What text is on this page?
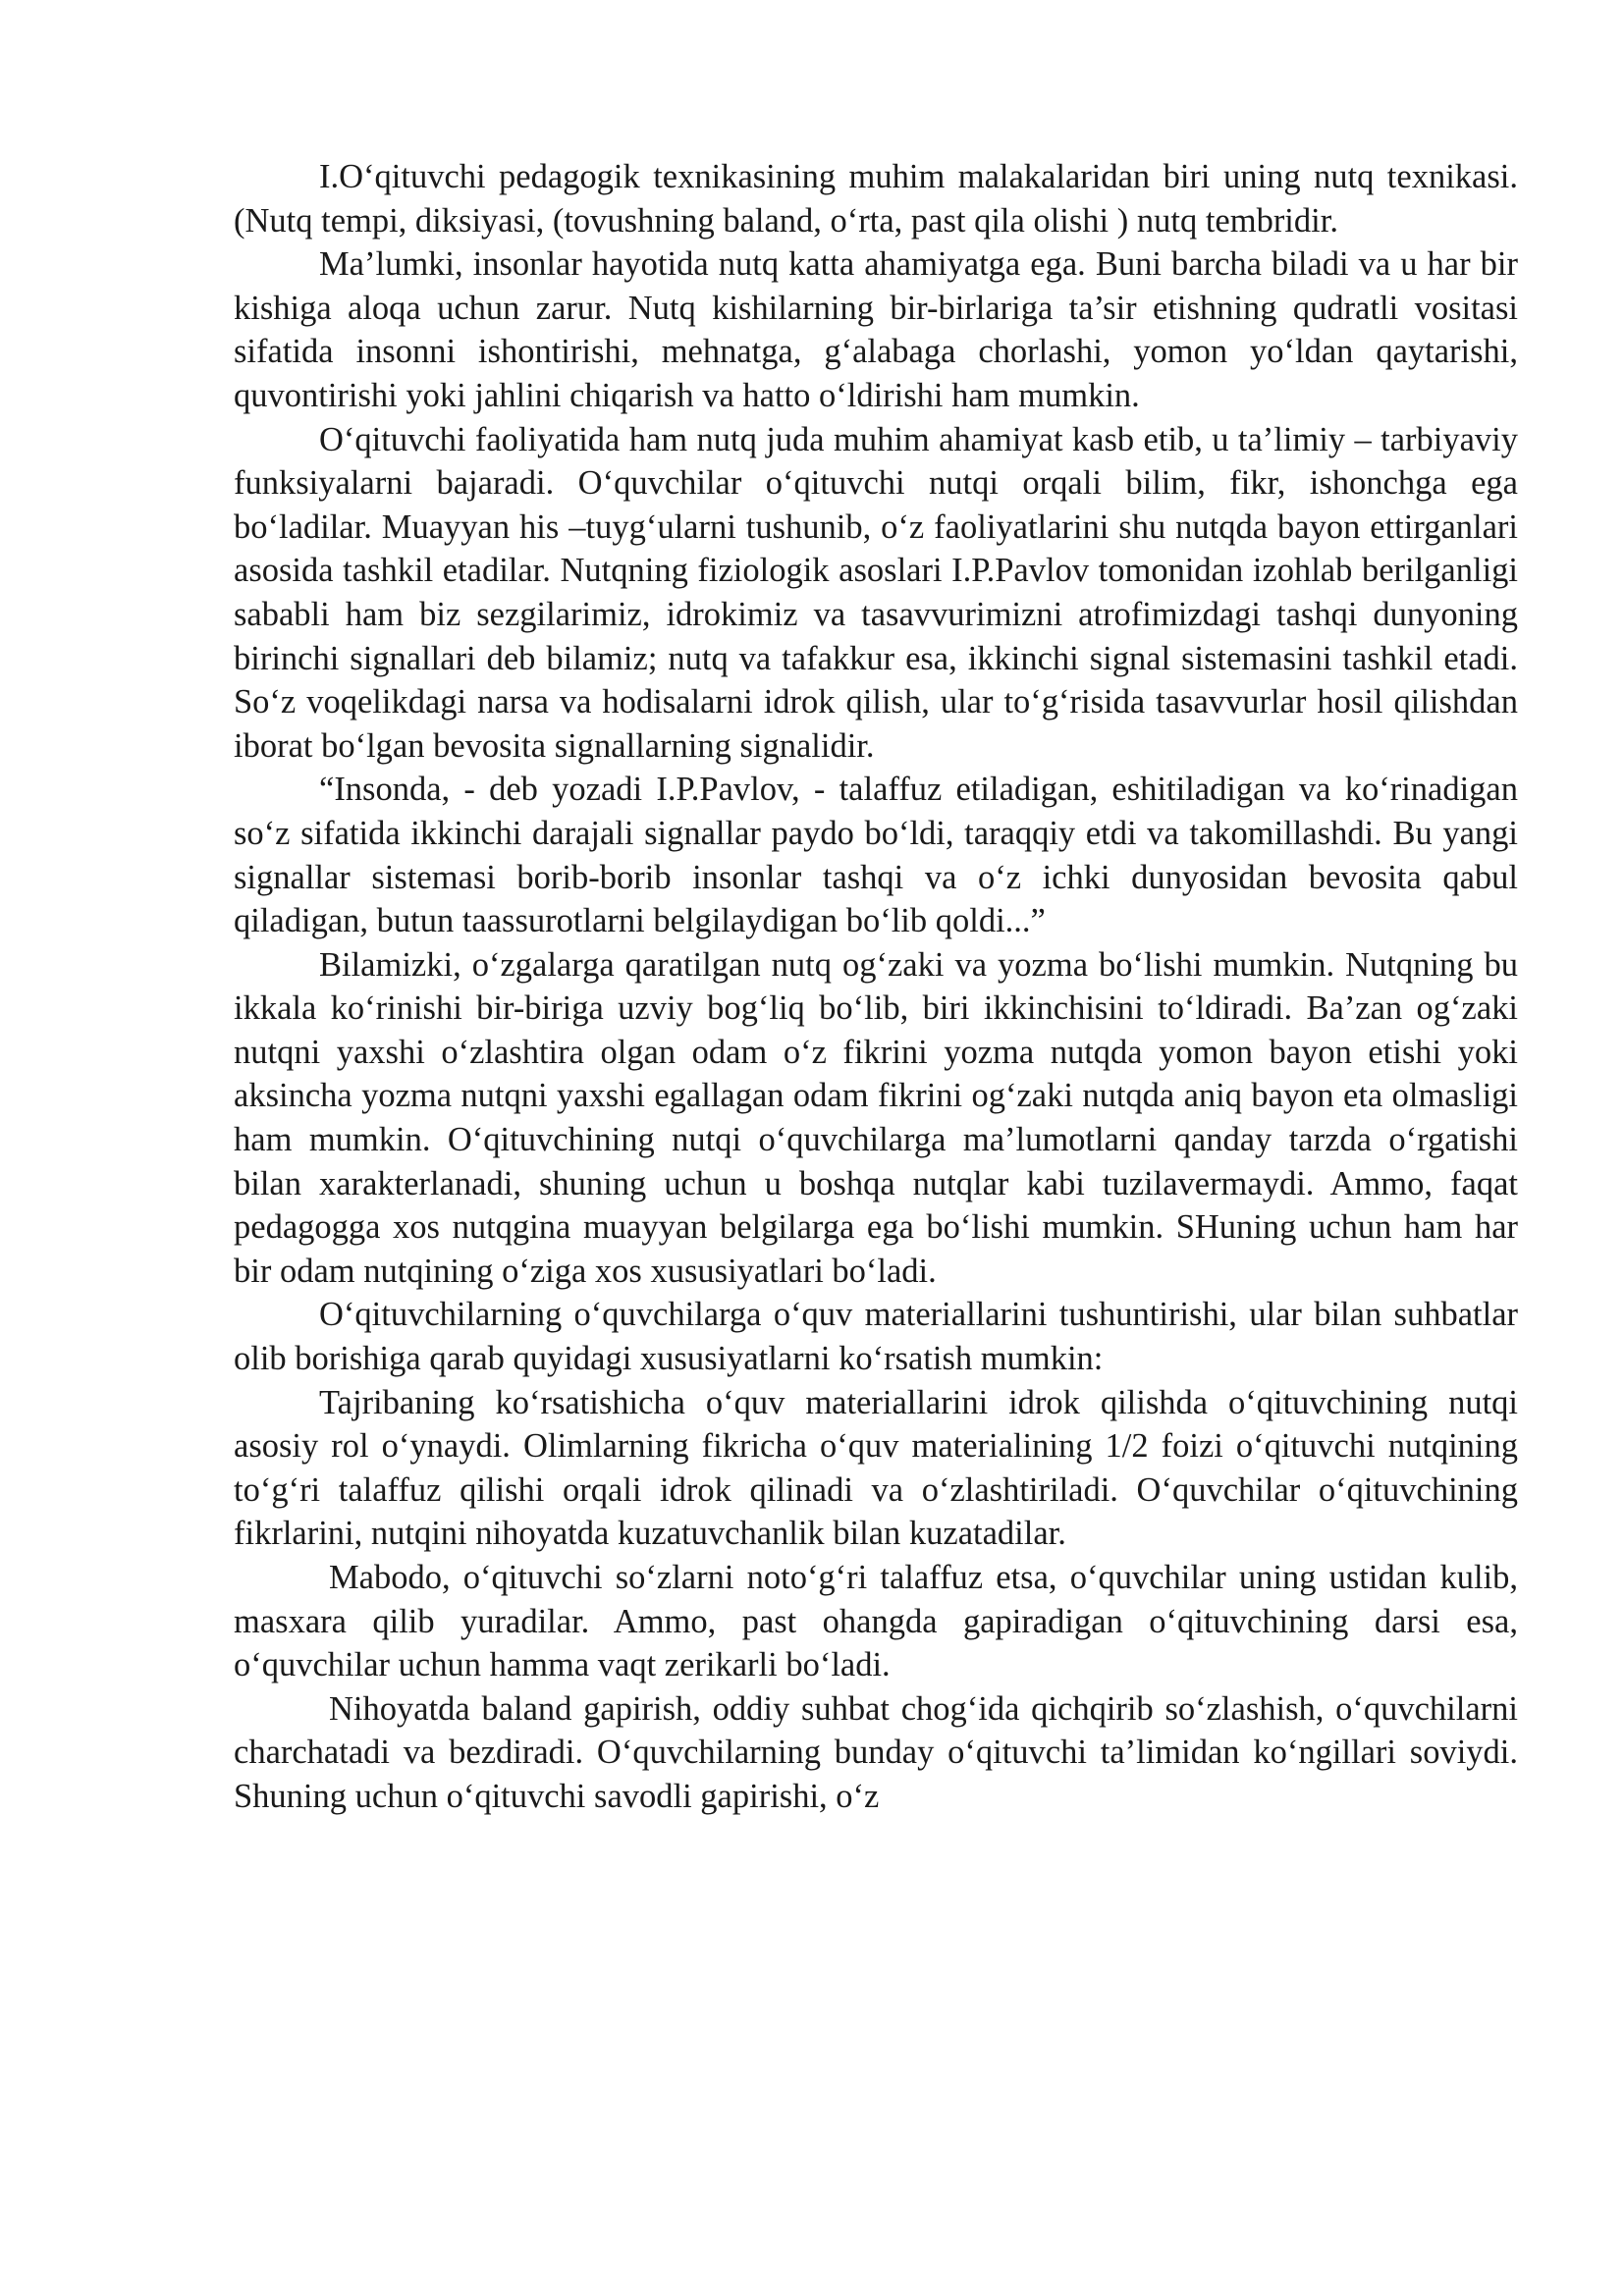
I.O‘qituvchi pedagogik texnikasining muhim malakalaridan biri uning nutq texnikasi. (Nutq tempi, diksiyasi, (tovushning baland, o‘rta, past qila olishi ) nutq tembridir.

Ma’lumki, insonlar hayotida nutq katta ahamiyatga ega. Buni barcha biladi va u har bir kishiga aloqa uchun zarur. Nutq kishilarning bir-birlariga ta’sir etishning qudratli vositasi sifatida insonni ishontirishi, mehnatga, g‘alabaga chorlashi, yomon yo‘ldan qaytarishi, quvontirishi yoki jahlini chiqarish va hatto o‘ldirishi ham mumkin.

O‘qituvchi faoliyatida ham nutq juda muhim ahamiyat kasb etib, u ta’limiy – tarbiyaviy funksiyalarni bajaradi. O‘quvchilar o‘qituvchi nutqi orqali bilim, fikr, ishonchga ega bo‘ladilar. Muayyan his –tuyg‘ularni tushunib, o‘z faoliyatlarini shu nutqda bayon ettirganlari asosida tashkil etadilar. Nutqning fiziologik asoslari I.P.Pavlov tomonidan izohlab berilganligi sababli ham biz sezgilarimiz, idrokimiz va tasavvurimizni atrofimizdagi tashqi dunyoning birinchi signallari deb bilamiz; nutq va tafakkur esa, ikkinchi signal sistemasini tashkil etadi. So‘z voqelikdagi narsa va hodisalarni idrok qilish, ular to‘g‘risida tasavvurlar hosil qilishdan iborat bo‘lgan bevosita signallarning signalidir.

“Insonda, - deb yozadi I.P.Pavlov, - talaffuz etiladigan, eshitiladigan va ko‘rinadigan so‘z sifatida ikkinchi darajali signallar paydo bo‘ldi, taraqqiy etdi va takomillashdi. Bu yangi signallar sistemasi borib-borib insonlar tashqi va o‘z ichki dunyosidan bevosita qabul qiladigan, butun taassurotlarni belgilaydigan bo‘lib qoldi...”

Bilamizki, o‘zgalarga qaratilgan nutq og‘zaki va yozma bo‘lishi mumkin. Nutqning bu ikkala ko‘rinishi bir-biriga uzviy bog‘liq bo‘lib, biri ikkinchisini to‘ldiradi. Ba’zan og‘zaki nutqni yaxshi o‘zlashtira olgan odam o‘z fikrini yozma nutqda yomon bayon etishi yoki aksincha yozma nutqni yaxshi egallagan odam fikrini og‘zaki nutqda aniq bayon eta olmasligi ham mumkin. O‘qituvchining nutqi o‘quvchilarga ma’lumotlarni qanday tarzda o‘rgatishi bilan xarakterlanadi, shuning uchun u boshqa nutqlar kabi tuzilavermaydi. Ammo, faqat pedagogga xos nutqgina muayyan belgilarga ega bo‘lishi mumkin. SHuning uchun ham har bir odam nutqining o‘ziga xos xususiyatlari bo‘ladi.

O‘qituvchilarning o‘quvchilarga o‘quv materiallarini tushuntirishi, ular bilan suhbatlar olib borishiga qarab quyidagi xususiyatlarni ko‘rsatish mumkin:

Tajribaning ko‘rsatishicha o‘quv materiallarini idrok qilishda o‘qituvchining nutqi asosiy rol o‘ynaydi. Olimlarning fikricha o‘quv materialining 1/2 foizi o‘qituvchi nutqining to‘g‘ri talaffuz qilishi orqali idrok qilinadi va o‘zlashtiriladi. O‘quvchilar o‘qituvchining fikrlarini, nutqini nihoyatda kuzatuvchanlik bilan kuzatadilar.

Mabodo, o‘qituvchi so‘zlarni noto‘g‘ri talaffuz etsa, o‘quvchilar uning ustidan kulib, masxara qilib yuradilar. Ammo, past ohangda gapiradigan o‘qituvchining darsi esa, o‘quvchilar uchun hamma vaqt zerikarli bo‘ladi.

Nihoyatda baland gapirish, oddiy suhbat chog‘ida qichqirib so‘zlashish, o‘quvchilarni charchatadi va bezdiradi. O‘quvchilarning bunday o‘qituvchi ta’limidan ko‘ngillari soviydi. Shuning uchun o‘qituvchi savodli gapirishi, o‘z
